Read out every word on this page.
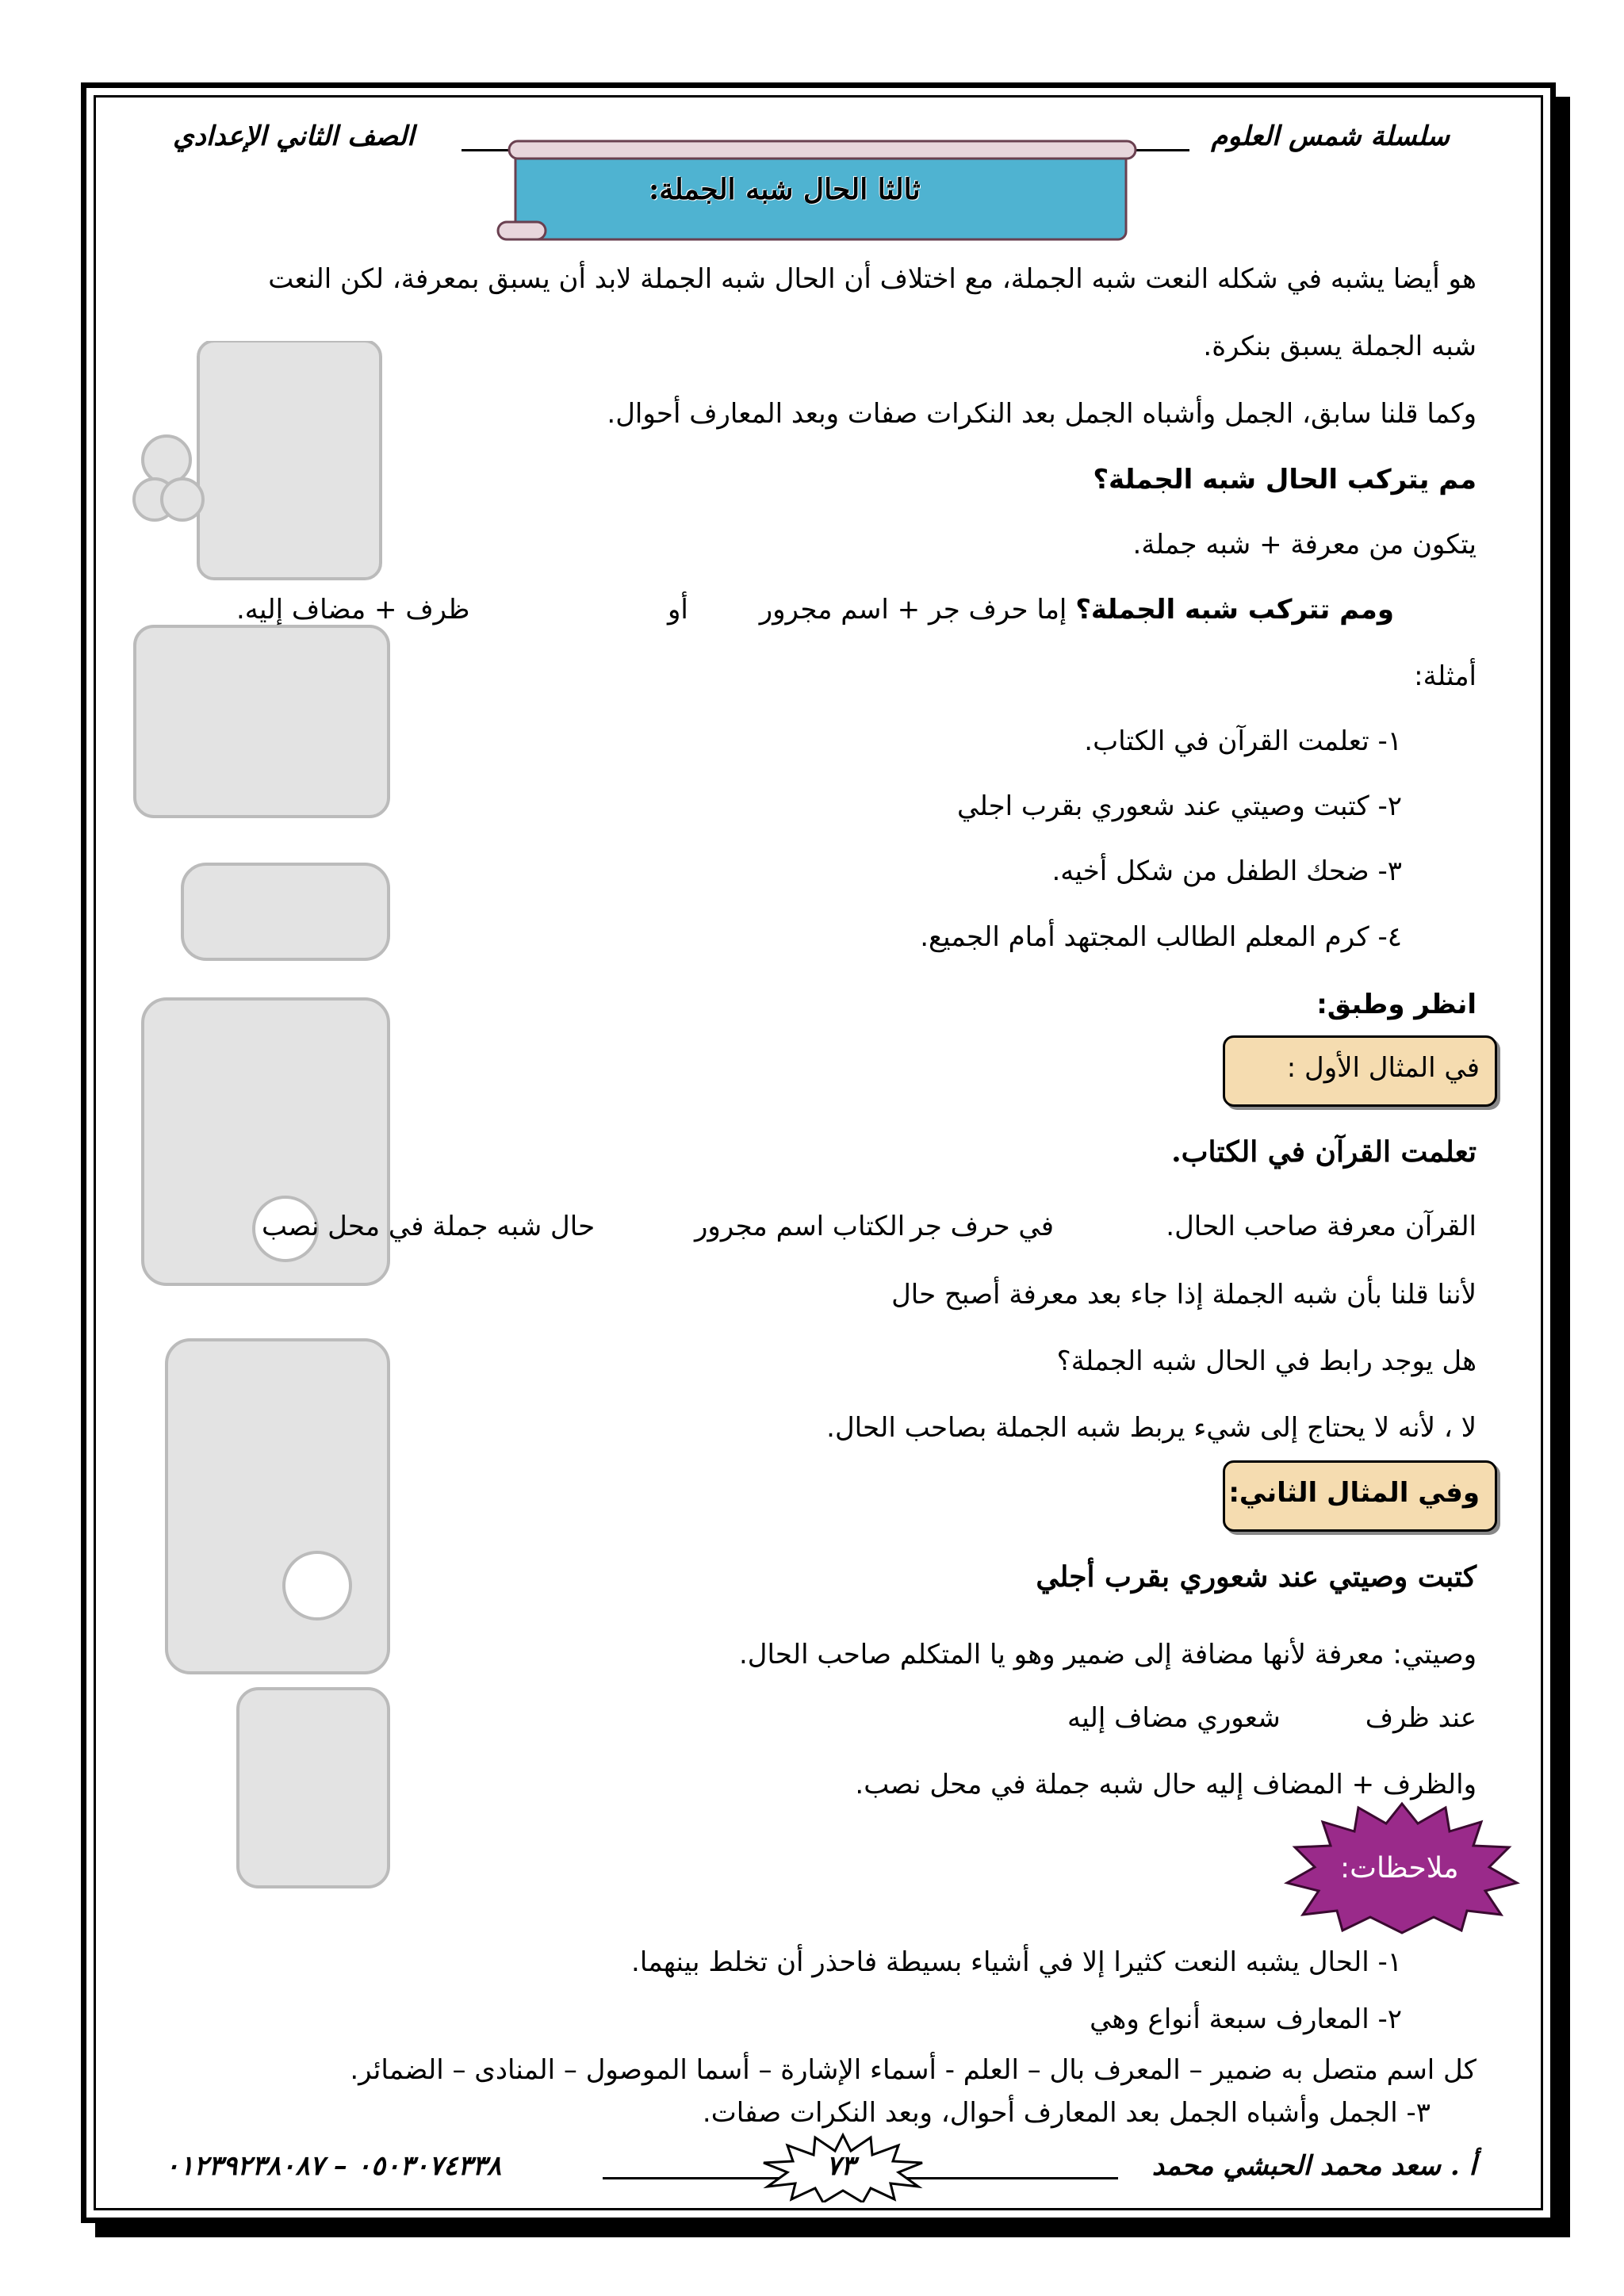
سلسلة شمس العلوم
الصف الثاني الإعدادي
ثالثا الحال شبه الجملة:
هو أيضا يشبه في شكله النعت شبه الجملة، مع اختلاف أن الحال شبه الجملة لابد أن يسبق بمعرفة، لكن النعت
شبه الجملة يسبق بنكرة.
وكما قلنا سابق، الجمل وأشباه الجمل بعد النكرات صفات وبعد المعارف أحوال.
مم يتركب الحال شبه الجملة؟
يتكون من معرفة + شبه جملة.
ومم تتركب شبه الجملة؟ إما حرف جر + اسم مجرور
أو
ظرف + مضاف إليه.
أمثلة:
١- تعلمت القرآن في الكتاب.
٢- كتبت وصيتي عند شعوري بقرب اجلي
٣- ضحك الطفل من شكل أخيه.
٤- كرم المعلم الطالب المجتهد أمام الجميع.
انظر وطبق:
في المثال الأول :
تعلمت القرآن في الكتاب.
القرآن معرفة صاحب الحال.
في حرف جر
الكتاب اسم مجرور
حال شبه جملة في محل نصب
لأننا قلنا بأن شبه الجملة إذا جاء بعد معرفة أصبح حال
هل يوجد رابط في الحال شبه الجملة؟
لا ، لأنه لا يحتاج إلى شيء يربط شبه الجملة بصاحب الحال.
وفي المثال الثاني:
كتبت وصيتي عند شعوري بقرب أجلي
وصيتي: معرفة لأنها مضافة إلى ضمير وهو يا المتكلم صاحب الحال.
عند ظرف
شعوري مضاف إليه
والظرف + المضاف إليه حال شبه جملة في محل نصب.
ملاحظات:
١- الحال يشبه النعت كثيرا إلا في أشياء بسيطة فاحذر أن تخلط بينهما.
٢- المعارف سبعة أنواع وهي
كل اسم متصل به ضمير – المعرف بال – العلم - أسماء الإشارة – أسما الموصول – المنادى – الضمائر.
٣- الجمل وأشباه الجمل بعد المعارف أحوال، وبعد النكرات صفات.
أ . سعد محمد الحبشي محمد
٧٣
٠٥٠٣٠٧٤٣٣٨ – ٠١٢٣٩٢٣٨٠٨٧
